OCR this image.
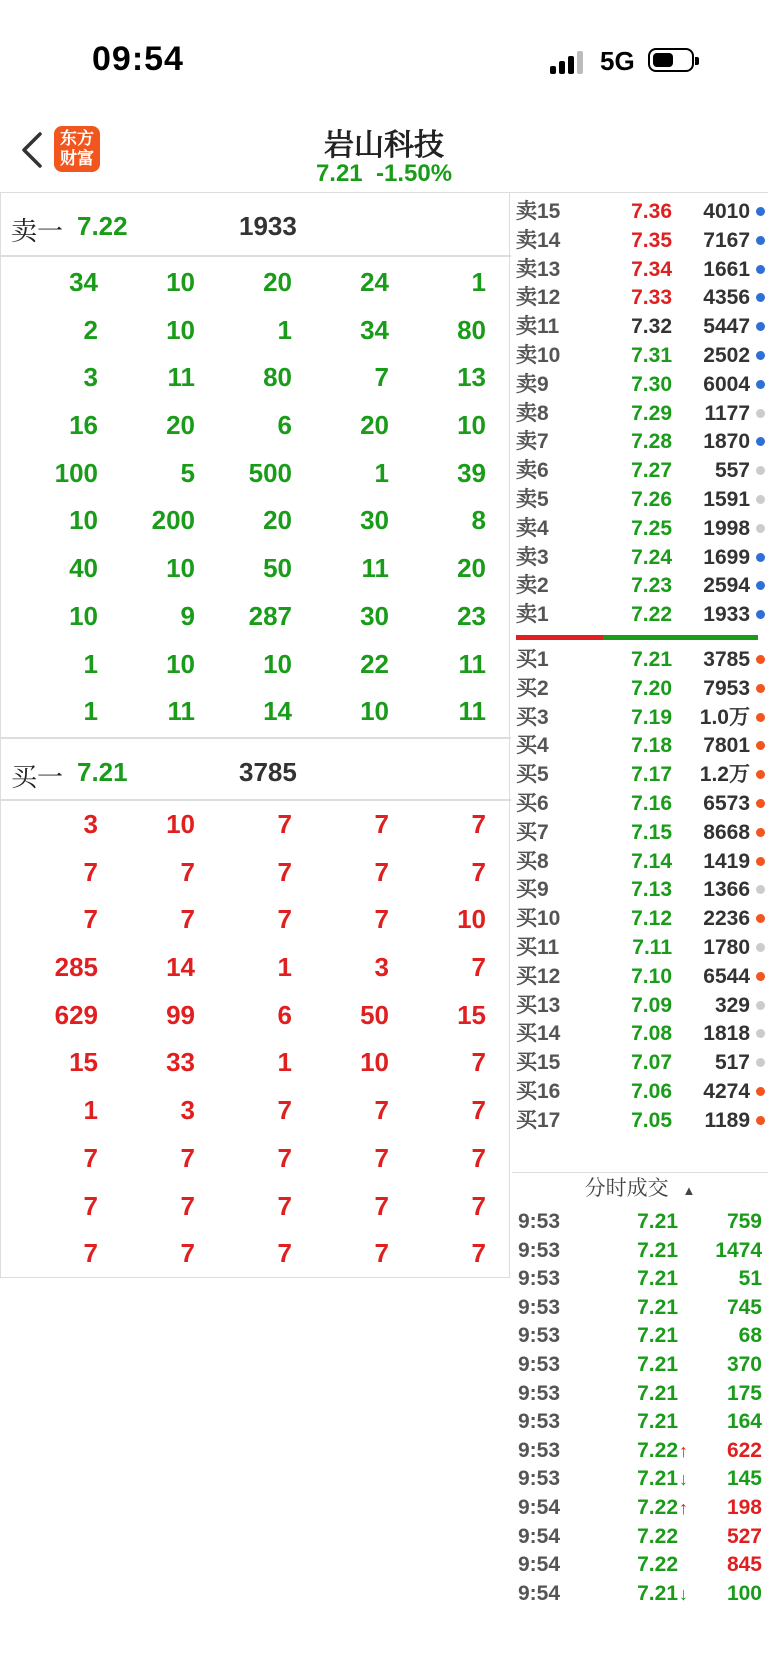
09:54	5G
东方
财富	岩山科技
7.21 -1.50%
卖一 7.22	1933
34	10	20	24	1
2	10	1	34	80
3	11	80	7	13
16	20	6	20	10
100	5	500	1	39
10	200	20	30	8
40	10	50	11	20
10	9	287	30	23
1	10	10	22	11
1	11	14	10	11
买一 7.21	3785
3	10	7	7	7
7	7	7	7	7
7	7	7	7	10
285	14	1	3	7
629	99	6	50	15
15	33	1	10	7
1	3	7	7	7
7	7	7	7	7
7	7	7	7	7
7	7	7	7	7
卖15	7.36 4010
卖14	7.35 7167
卖13	7.34 1661
卖12	7.33 4356
卖11	7.32 5447
卖10	7.31 2502
卖9	7.30 6004
卖8	7.29 1177
卖7	7.28 1870
卖6	7.27 557
卖5	7.26 1591
卖4	7.25 1998
卖3	7.24 1699
卖2	7.23 2594
卖1	7.22 1933
买1	7.21 3785
买2	7.20 7953
买3	7.19 1.0万
买4	7.18 7801
买5	7.17 1.2万
买6	7.16 6573
买7	7.15 8668
买8	7.14 1419
买9	7.13 1366
买10	7.12 2236
买11	7.11 1780
买12	7.10 6544
买13	7.09 329
买14	7.08 1818
买15	7.07 517
买16	7.06 4274
买17	7.05 1189
分时成交 ▲
9:53	7.21 759
9:53	7.21 1474
9:53	7.21	51
9:53	7.21 745
9:53	7.21	68
9:53	7.21 370
9:53	7.21 175
9:53	7.21 164
9:53	7.22 ↑	622
9:53	7.21 ↓	145
9:54	7.22 ↑	198
9:54	7.22 527
9:54	7.22 845
9:54	7.21 ↓	100
